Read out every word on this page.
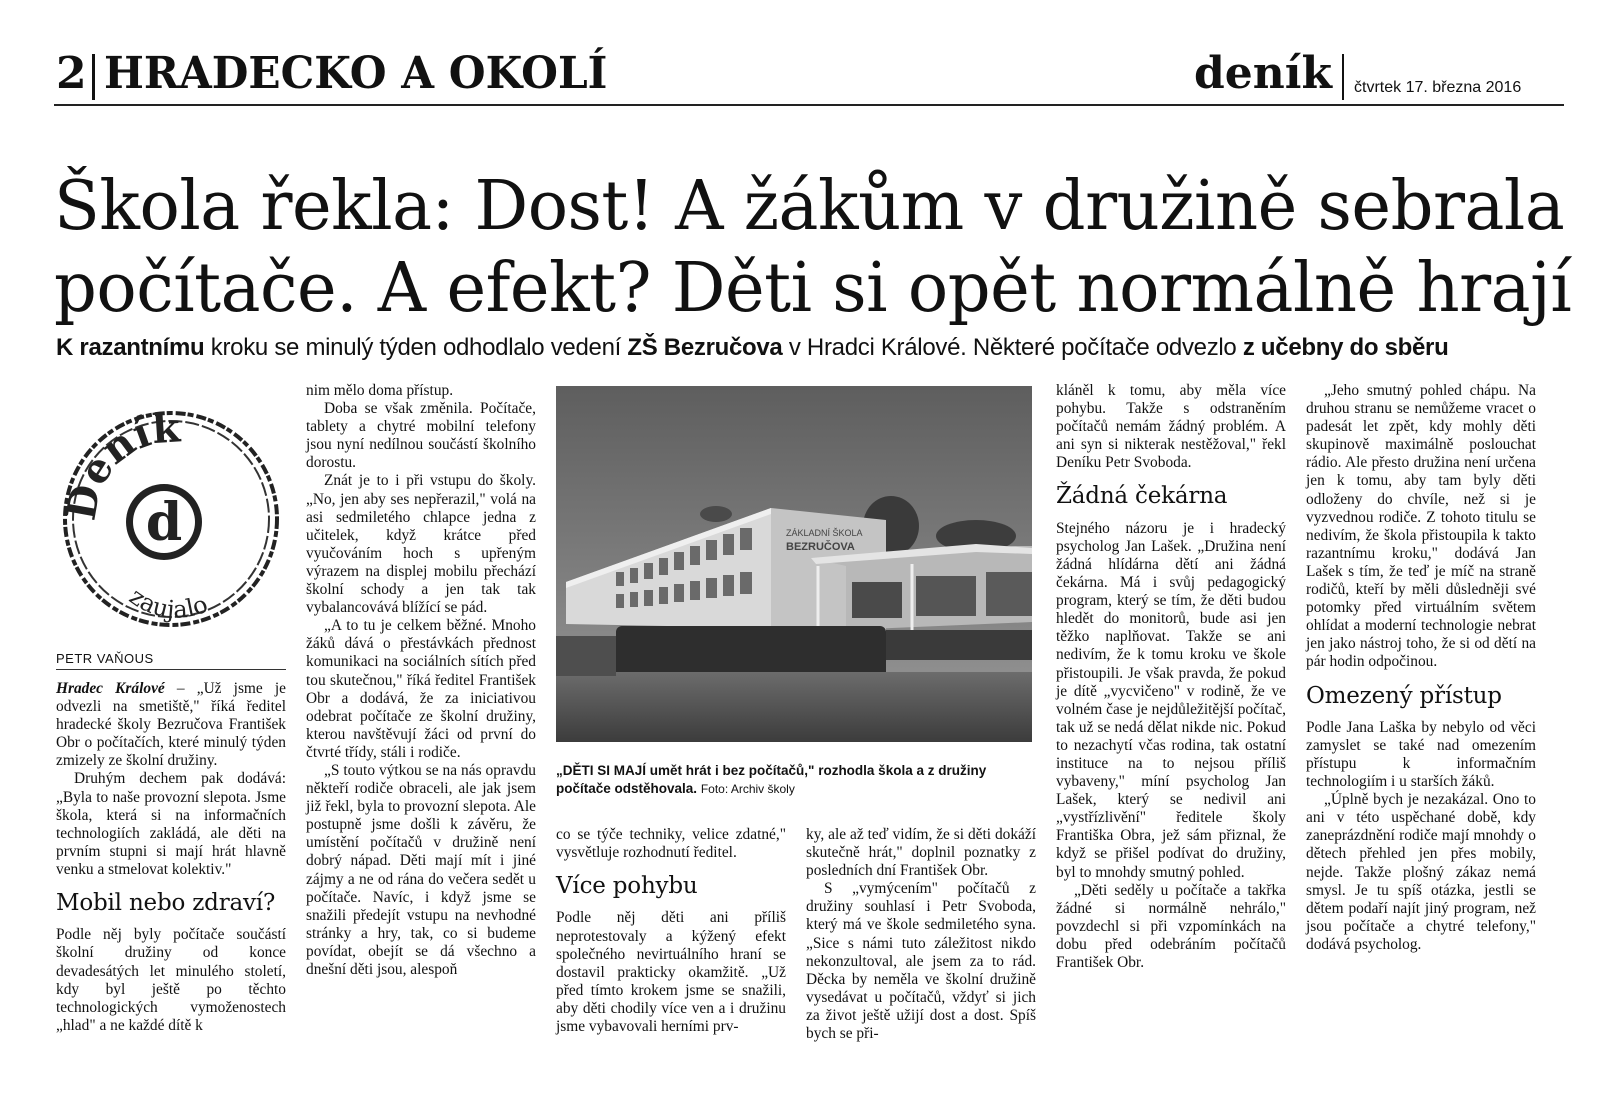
2 HRADECKO A OKOLÍ	deník čtvrtek 17. března 2016
Škola řekla: Dost! A žákům v družině sebrala
počítače. A efekt? Děti si opět normálně hrají
K razantnímu kroku se minulý týden odhodlalo vedení ZŠ Bezručova v Hradci Králové. Některé počítače odvezlo z učebny do sběru
Deník
d
zaujalo
PETR VAŇOUS

Hradec Králové – „Už jsme je odvezli na smetiště," říká ředitel hradecké školy Bezručova František Obr o počítačích, které minulý týden zmizely ze školní družiny.

Druhým dechem pak dodává: „Byla to naše provozní slepota. Jsme škola, která si na informačních technologiích zakládá, ale děti na prvním stupni si mají hrát hlavně venku a stmelovat kolektiv."

Mobil nebo zdraví?

Podle něj byly počítače součástí školní družiny od konce devadesátých let minulého století, kdy byl ještě po těchto technologických vymoženostech „hlad" a ne každé dítě k

nim mělo doma přístup.

Doba se však změnila. Počítače, tablety a chytré mobilní telefony jsou nyní nedílnou součástí školního dorostu.

Znát je to i při vstupu do školy. „No, jen aby ses nepřerazil," volá na asi sedmiletého chlapce jedna z učitelek, když krátce před vyučováním hoch s upřeným výrazem na displej mobilu přechází školní schody a jen tak tak vybalancovává blížící se pád.

„A to tu je celkem běžné. Mnoho žáků dává o přestávkách přednost komunikaci na sociálních sítích před tou skutečnou," říká ředitel František Obr a dodává, že za iniciativou odebrat počítače ze školní družiny, kterou navštěvují žáci od první do čtvrté třídy, stáli i rodiče.

„S touto výtkou se na nás opravdu někteří rodiče obraceli, ale jak jsem již řekl, byla to provozní slepota. Ale postupně jsme došli k závěru, že umístění počítačů v družině není dobrý nápad. Děti mají mít i jiné zájmy a ne od rána do večera sedět u počítače. Navíc, i když jsme se snažili předejít vstupu na nevhodné stránky a hry, tak, co si budeme povídat, obejít se dá všechno a dnešní děti jsou, alespoň

ZÁKLADNÍ ŠKOLA
BEZRUČOVA
„DĚTI SI MAJÍ umět hrát i bez počítačů," rozhodla škola a z družiny počítače odstěhovala. Foto: Archiv školy

co se týče techniky, velice zdatné," vysvětluje rozhodnutí ředitel.

Více pohybu

Podle něj děti ani příliš neprotestovaly a kýžený efekt společného nevirtuálního hraní se dostavil prakticky okamžitě. „Už před tímto krokem jsme se snažili, aby děti chodily více ven a i družinu jsme vybavovali herními prv-

ky, ale až teď vidím, že si děti dokáží skutečně hrát," doplnil poznatky z posledních dní František Obr.

S „vymýcením" počítačů z družiny souhlasí i Petr Svoboda, který má ve škole sedmiletého syna. „Sice s námi tuto záležitost nikdo nekonzultoval, ale jsem za to rád. Děcka by neměla ve školní družině vysedávat u počítačů, vždyť si jich za život ještě užijí dost a dost. Spíš bych se při-

kláněl k tomu, aby měla více pohybu. Takže s odstraněním počítačů nemám žádný problém. A ani syn si nikterak nestěžoval," řekl Deníku Petr Svoboda.

Žádná čekárna

Stejného názoru je i hradecký psycholog Jan Lašek. „Družina není žádná hlídárna dětí ani žádná čekárna. Má i svůj pedagogický program, který se tím, že děti budou hledět do monitorů, bude asi jen těžko naplňovat. Takže se ani nedivím, že k tomu kroku ve škole přistoupili. Je však pravda, že pokud je dítě „vycvičeno" v rodině, že ve volném čase je nejdůležitější počítač, tak už se nedá dělat nikde nic. Pokud to nezachytí včas rodina, tak ostatní instituce na to nejsou příliš vybaveny," míní psycholog Jan Lašek, který se nedivil ani „vystřízlivění" ředitele školy Františka Obra, jež sám přiznal, že když se přišel podívat do družiny, byl to mnohdy smutný pohled.

„Děti seděly u počítače a takřka žádné si normálně nehrálo," povzdechl si při vzpomínkách na dobu před odebráním počítačů František Obr.

„Jeho smutný pohled chápu. Na druhou stranu se nemůžeme vracet o padesát let zpět, kdy mohly děti skupinově maximálně poslouchat rádio. Ale přesto družina není určena jen k tomu, aby tam byly děti odloženy do chvíle, než si je vyzvednou rodiče. Z tohoto titulu se nedivím, že škola přistoupila k takto razantnímu kroku," dodává Jan Lašek s tím, že teď je míč na straně rodičů, kteří by měli důsledněji své potomky před virtuálním světem ohlídat a moderní technologie nebrat jen jako nástroj toho, že si od dětí na pár hodin odpočinou.

Omezený přístup

Podle Jana Laška by nebylo od věci zamyslet se také nad omezením přístupu k informačním technologiím i u starších žáků.

„Úplně bych je nezakázal. Ono to ani v této uspěchané době, kdy zaneprázdnění rodiče mají mnohdy o dětech přehled jen přes mobily, nejde. Takže plošný zákaz nemá smysl. Je tu spíš otázka, jestli se dětem podaří najít jiný program, než jsou počítače a chytré telefony," dodává psycholog.
